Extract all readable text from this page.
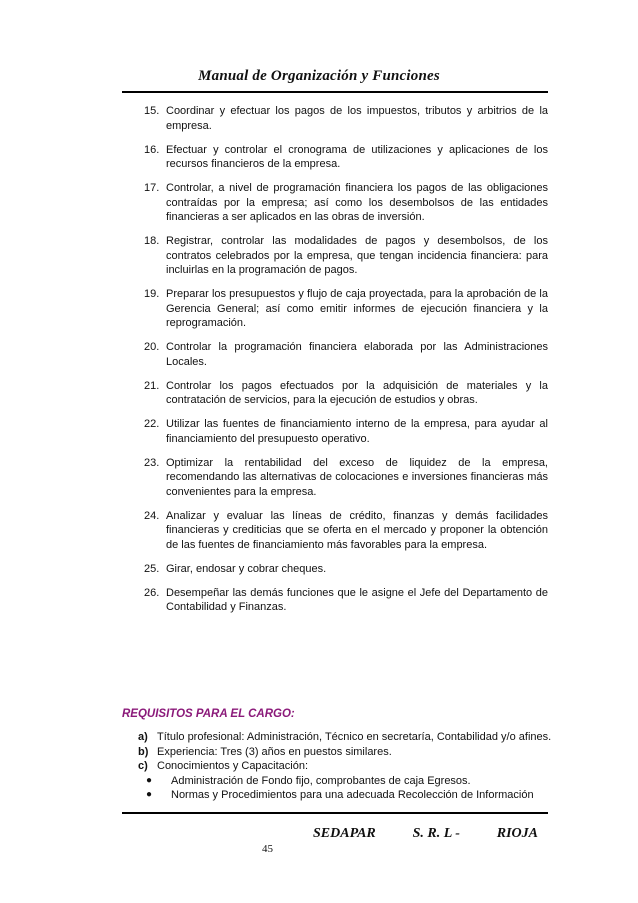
Manual de Organización y Funciones
15. Coordinar y efectuar los pagos de los impuestos, tributos y arbitrios de la empresa.
16. Efectuar y controlar el cronograma de utilizaciones y aplicaciones de los recursos financieros de la empresa.
17. Controlar, a nivel de programación financiera los pagos de las obligaciones contraídas por la empresa; así como los desembolsos de las entidades financieras a ser aplicados en las obras de inversión.
18. Registrar, controlar las modalidades de pagos y desembolsos, de los contratos celebrados por la empresa, que tengan incidencia financiera: para incluirlas en la programación de pagos.
19. Preparar los presupuestos y flujo de caja proyectada, para la aprobación de la Gerencia General; así como emitir informes de ejecución financiera y la reprogramación.
20. Controlar la programación financiera elaborada por las Administraciones Locales.
21. Controlar los pagos efectuados por la adquisición de materiales y la contratación de servicios, para la ejecución de estudios y obras.
22. Utilizar las fuentes de financiamiento interno de la empresa, para ayudar al financiamiento del presupuesto operativo.
23. Optimizar la rentabilidad del exceso de liquidez de la empresa, recomendando las alternativas de colocaciones e inversiones financieras más convenientes para la empresa.
24. Analizar y evaluar las líneas de crédito, finanzas y demás facilidades financieras y crediticias que se oferta en el mercado y proponer la obtención de las fuentes de financiamiento más favorables para la empresa.
25. Girar, endosar y cobrar cheques.
26. Desempeñar las demás funciones que le asigne el Jefe del Departamento de Contabilidad y Finanzas.
REQUISITOS PARA EL CARGO:
a) Título profesional: Administración, Técnico en secretaría, Contabilidad y/o afines.
b) Experiencia: Tres (3) años en puestos similares.
c) Conocimientos y Capacitación:
●	Administración de Fondo fijo, comprobantes de caja Egresos.
●	Normas y Procedimientos para una adecuada Recolección de Información
SEDAPAR	S. R. L -	RIOJA
45
